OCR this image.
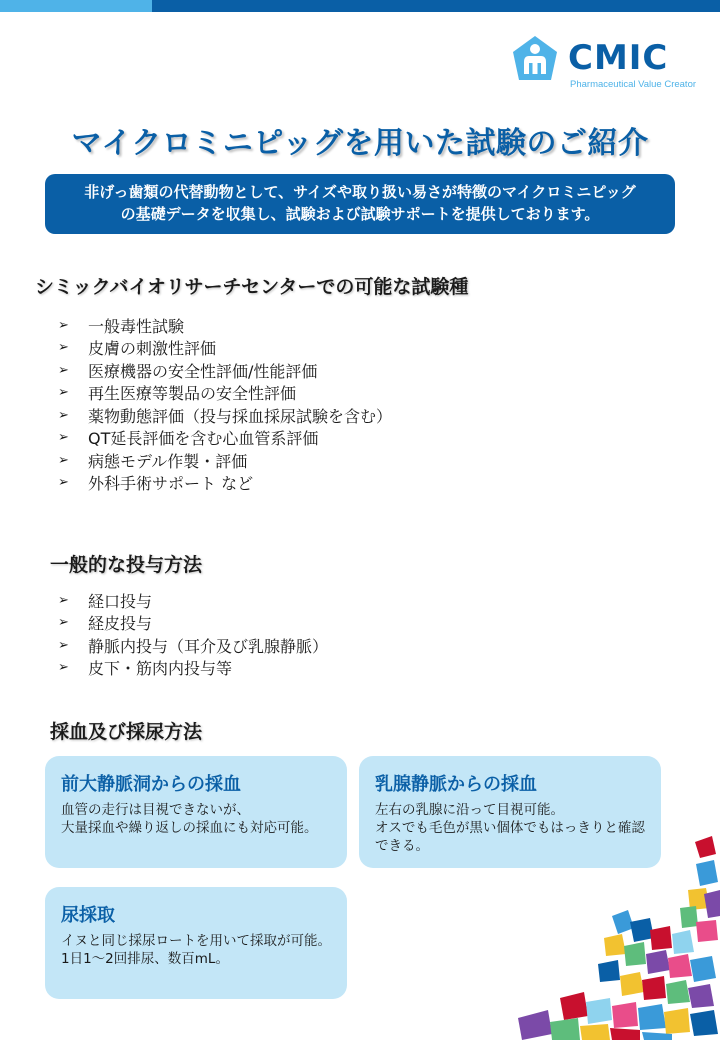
CMIC
Pharmaceutical Value Creator
マイクロミニピッグを用いた試験のご紹介
非げっ歯類の代替動物として、サイズや取り扱い易さが特徴のマイクロミニピッグ
の基礎データを収集し、試験および試験サポートを提供しております。
シミックバイオリサーチセンターでの可能な試験種
➢	一般毒性試験
➢	皮膚の刺激性評価
➢	医療機器の安全性評価/性能評価
➢	再生医療等製品の安全性評価
➢	薬物動態評価（投与採血採尿試験を含む）
➢	QT延長評価を含む心血管系評価
➢	病態モデル作製・評価
➢	外科手術サポート など
一般的な投与方法
➢	経口投与
➢	経皮投与
➢	静脈内投与（耳介及び乳腺静脈）
➢	皮下・筋肉内投与等
採血及び採尿方法
前大静脈洞からの採血
血管の走行は目視できないが、
大量採血や繰り返しの採血にも対応可能。
乳腺静脈からの採血
左右の乳腺に沿って目視可能。
オスでも毛色が黒い個体でもはっきりと確認
できる。
尿採取
イヌと同じ採尿ロートを用いて採取が可能。
1日1～2回排尿、数百mL。
